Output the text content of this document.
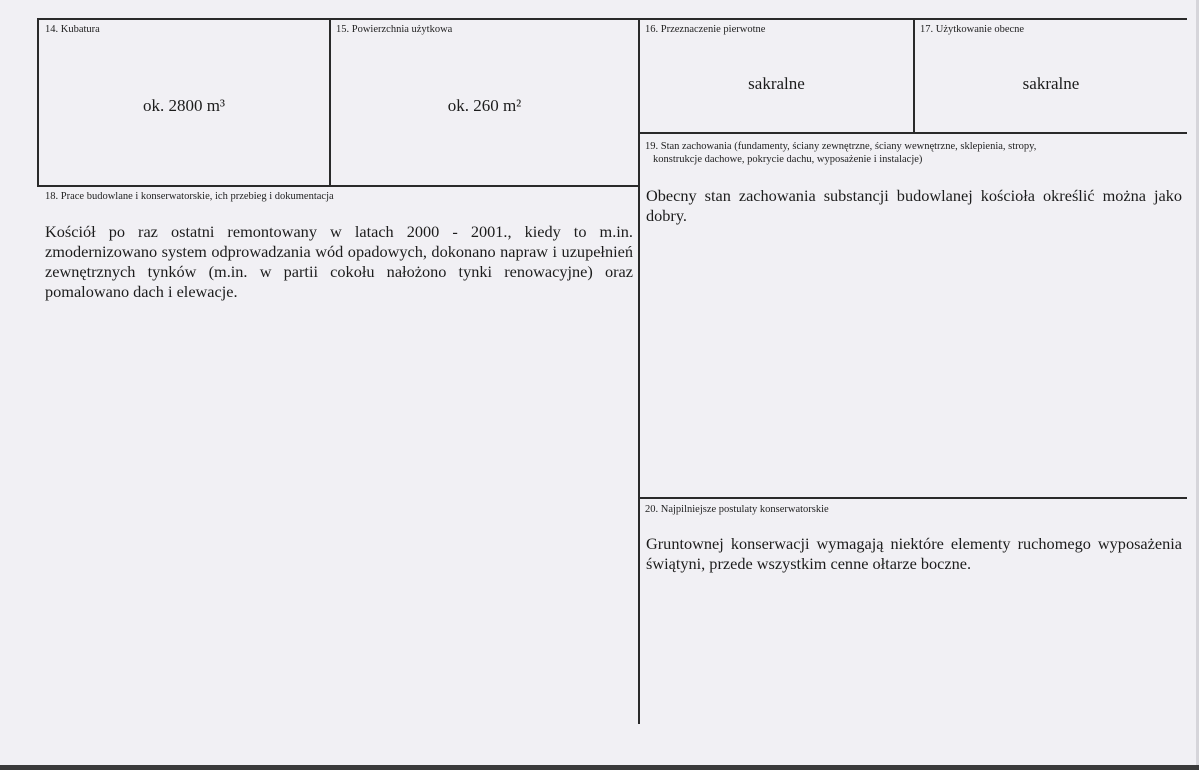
14. Kubatura
ok. 2800 m³
15. Powierzchnia użytkowa
ok. 260 m²
16. Przeznaczenie pierwotne
sakralne
17. Użytkowanie obecne
sakralne
19. Stan zachowania (fundamenty, ściany zewnętrzne, ściany wewnętrzne, sklepienia, stropy,
konstrukcje dachowe, pokrycie dachu, wyposażenie i instalacje)
Obecny stan zachowania substancji budowlanej kościoła określić można jako dobry.
18. Prace budowlane i konserwatorskie, ich przebieg i dokumentacja
Kościół po raz ostatni remontowany w latach 2000 - 2001., kiedy to m.in. zmodernizowano system odprowadzania wód opadowych, dokonano napraw i uzupełnień zewnętrznych tynków (m.in. w partii cokołu nałożono tynki renowacyjne) oraz pomalowano dach i elewacje.
20. Najpilniejsze postulaty konserwatorskie
Gruntownej konserwacji wymagają niektóre elementy ruchomego wyposażenia świątyni, przede wszystkim cenne ołtarze boczne.
